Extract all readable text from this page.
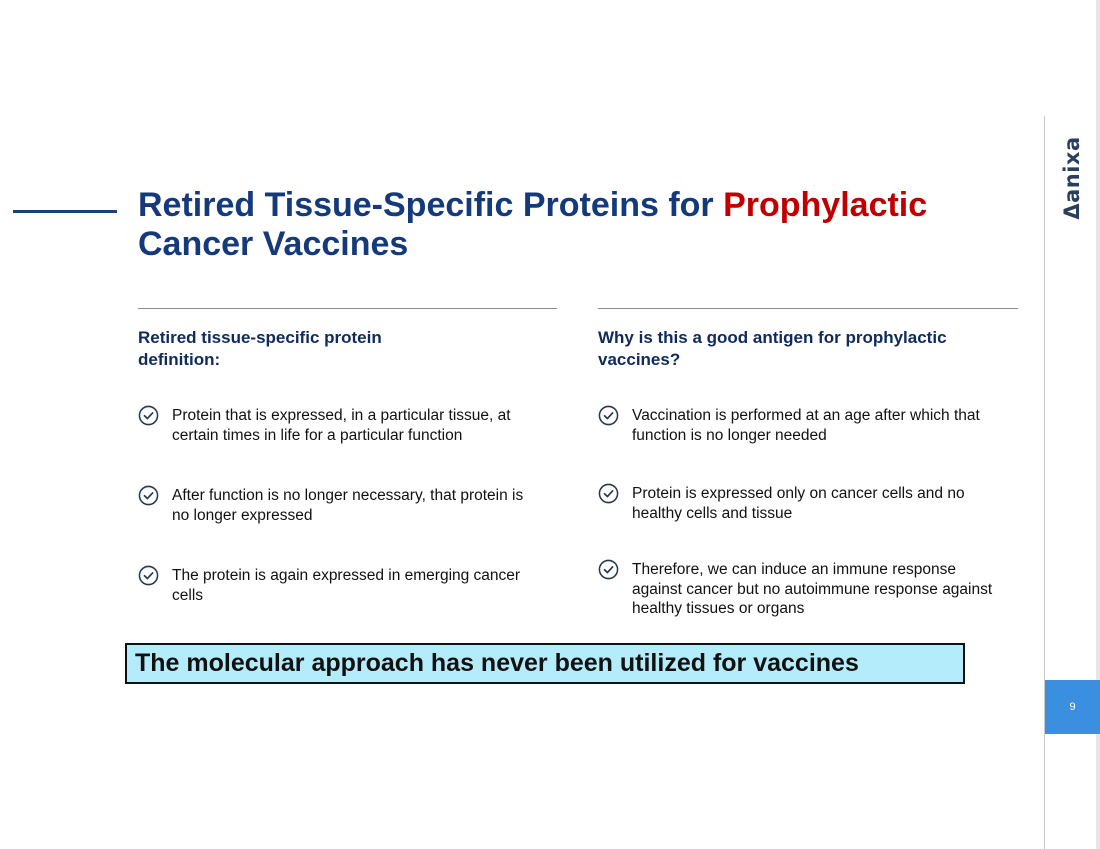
Δanixa
Retired Tissue-Specific Proteins for Prophylactic Cancer Vaccines
Retired tissue-specific protein definition:
Why is this a good antigen for prophylactic vaccines?
Protein that is expressed, in a particular tissue, at certain times in life for a particular function
After function is no longer necessary, that protein is no longer expressed
The protein is again expressed in emerging cancer cells
Vaccination is performed at an age after which that function is no longer needed
Protein is expressed only on cancer cells and no healthy cells and tissue
Therefore, we can induce an immune response against cancer but no autoimmune response against healthy tissues or organs
The molecular approach has never been utilized for vaccines
9
